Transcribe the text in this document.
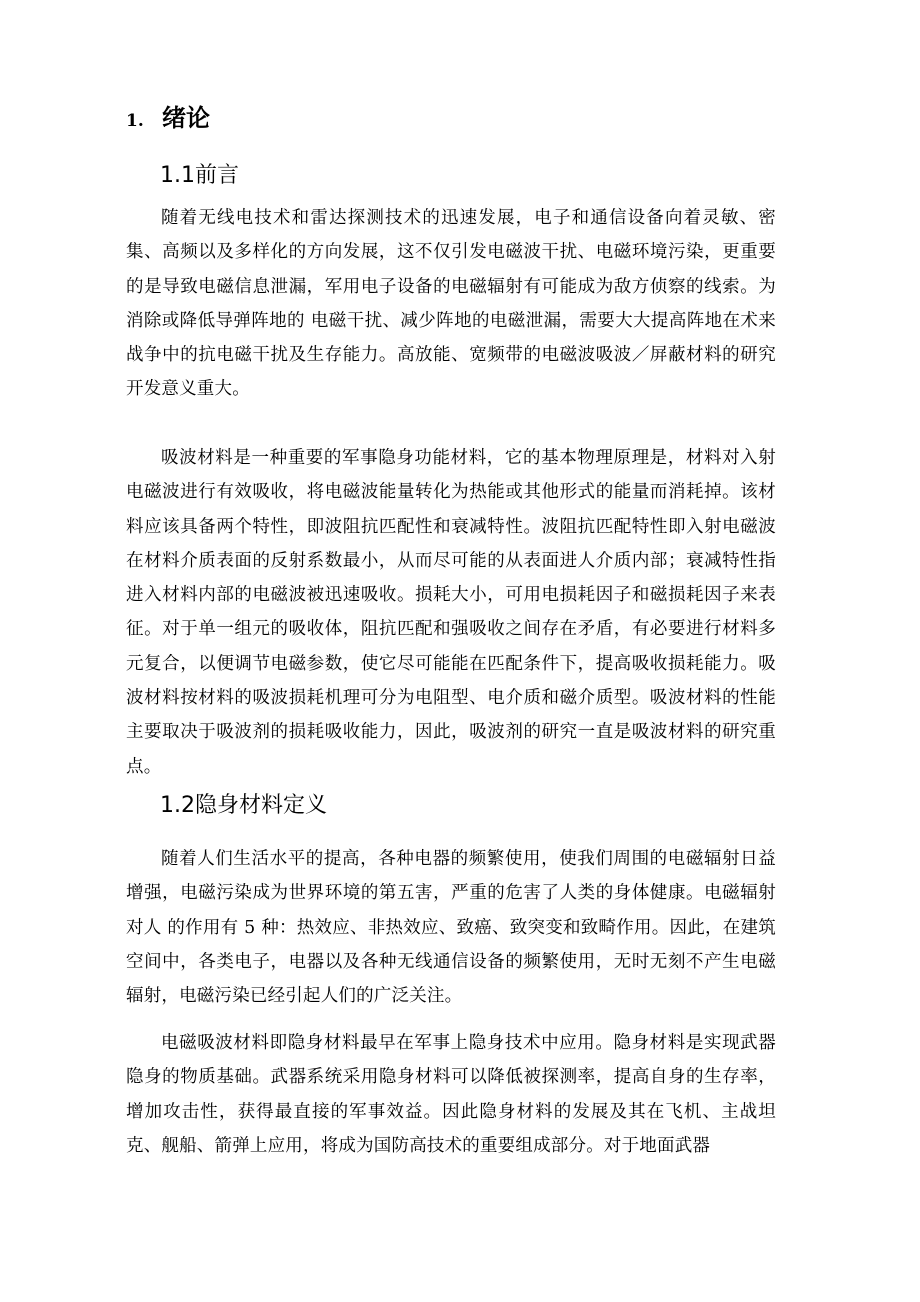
1. 绪论
1.1前言

随着无线电技术和雷达探测技术的迅速发展，电子和通信设备向着灵敏、密集、高频以及多样化的方向发展，这不仅引发电磁波干扰、电磁环境污染，更重要的是导致电磁信息泄漏，军用电子设备的电磁辐射有可能成为敌方侦察的线索。为消除或降低导弹阵地的 电磁干扰、减少阵地的电磁泄漏，需要大大提高阵地在术来战争中的抗电磁干扰及生存能力。高放能、宽频带的电磁波吸波／屏蔽材料的研究开发意义重大。

吸波材料是一种重要的军事隐身功能材料，它的基本物理原理是，材料对入射电磁波进行有效吸收，将电磁波能量转化为热能或其他形式的能量而消耗掉。该材料应该具备两个特性，即波阻抗匹配性和衰减特性。波阻抗匹配特性即入射电磁波在材料介质表面的反射系数最小，从而尽可能的从表面进人介质内部；衰减特性指进入材料内部的电磁波被迅速吸收。损耗大小，可用电损耗因子和磁损耗因子来表征。对于单一组元的吸收体，阻抗匹配和强吸收之间存在矛盾，有必要进行材料多元复合，以便调节电磁参数，使它尽可能能在匹配条件下，提高吸收损耗能力。吸波材料按材料的吸波损耗机理可分为电阻型、电介质和磁介质型。吸波材料的性能主要取决于吸波剂的损耗吸收能力，因此，吸波剂的研究一直是吸波材料的研究重点。

1.2隐身材料定义

随着人们生活水平的提高，各种电器的频繁使用，使我们周围的电磁辐射日益增强，电磁污染成为世界环境的第五害，严重的危害了人类的身体健康。电磁辐射对人 的作用有 5 种：热效应、非热效应、致癌、致突变和致畸作用。因此，在建筑空间中，各类电子，电器以及各种无线通信设备的频繁使用，无时无刻不产生电磁辐射，电磁污染已经引起人们的广泛关注。

电磁吸波材料即隐身材料最早在军事上隐身技术中应用。隐身材料是实现武器隐身的物质基础。武器系统采用隐身材料可以降低被探测率，提高自身的生存率，增加攻击性，获得最直接的军事效益。因此隐身材料的发展及其在飞机、主战坦克、舰船、箭弹上应用，将成为国防高技术的重要组成部分。对于地面武器
